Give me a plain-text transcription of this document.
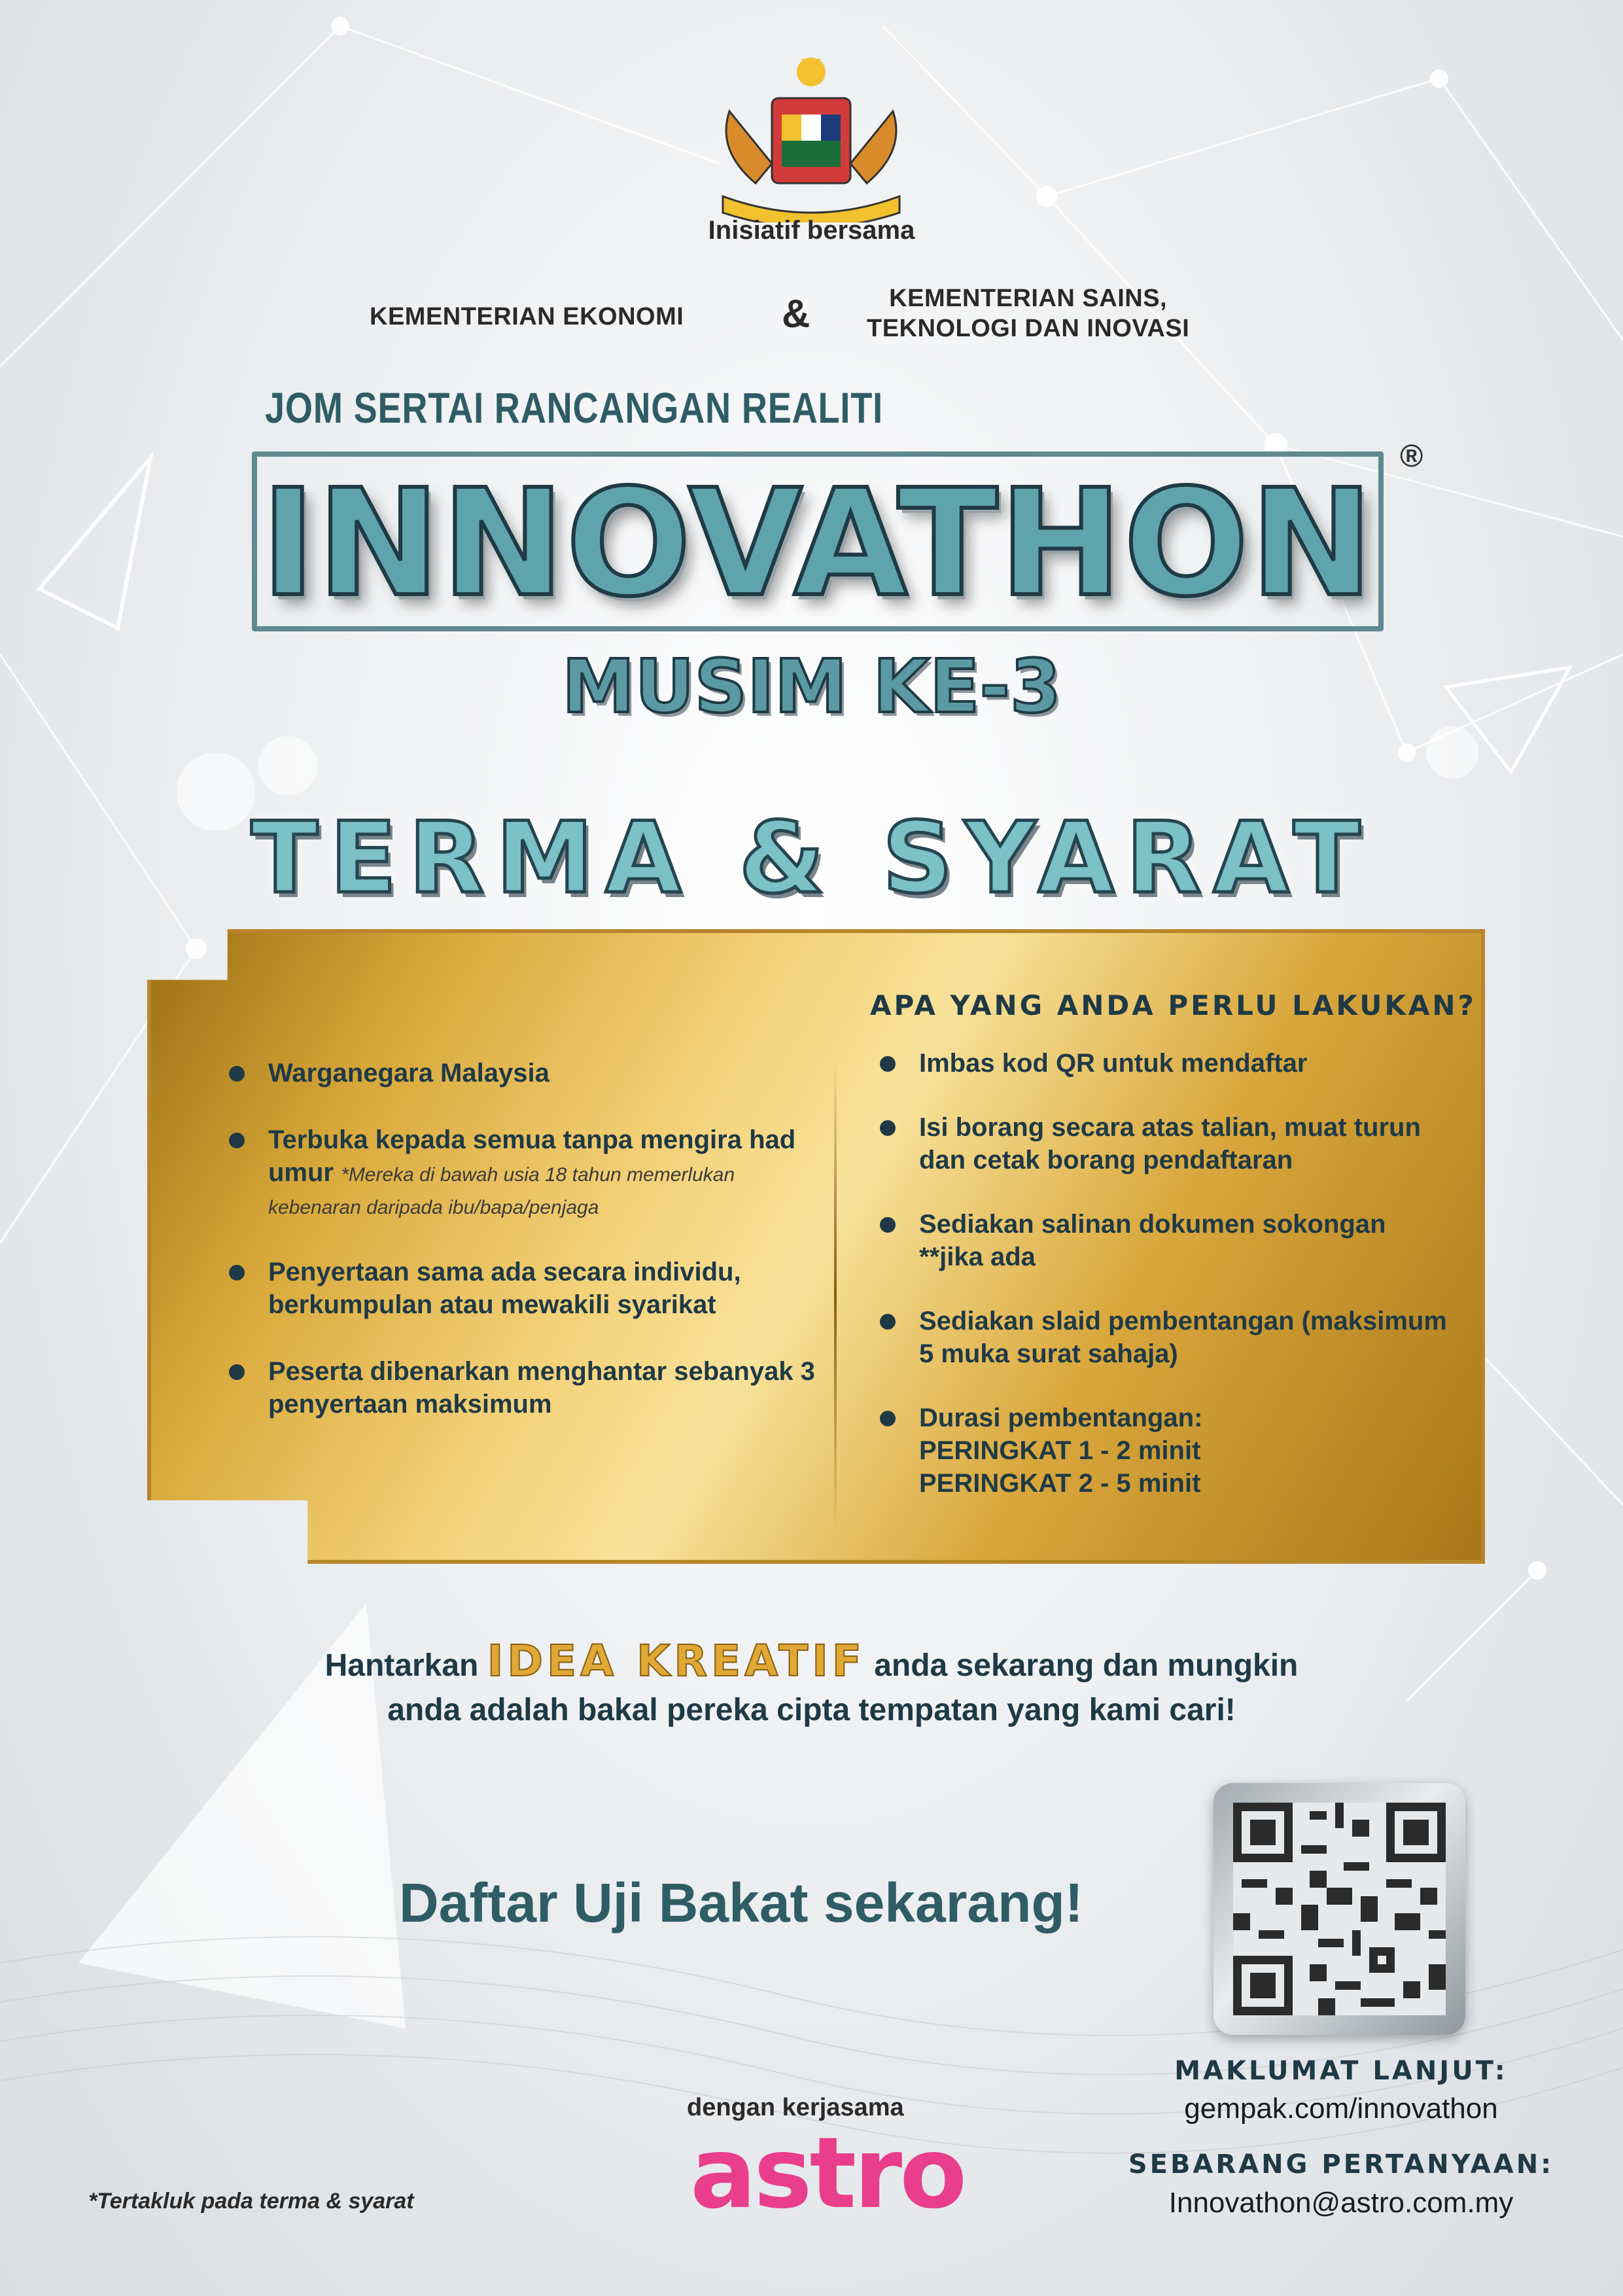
Inisiatif bersama
KEMENTERIAN EKONOMI &	KEMENTERIAN SAINS,
TEKNOLOGI DAN INOVASI
JOM SERTAI RANCANGAN REALITI
INNOVATHON
®
MUSIM KE-3
TERMA & SYARAT
Warganegara Malaysia
Terbuka kepada semua tanpa mengira had umur *Mereka di bawah usia 18 tahun memerlukan kebenaran daripada ibu/bapa/penjaga
Penyertaan sama ada secara individu, berkumpulan atau mewakili syarikat
Peserta dibenarkan menghantar sebanyak 3 penyertaan maksimum
APA YANG ANDA PERLU LAKUKAN?
Imbas kod QR untuk mendaftar
Isi borang secara atas talian, muat turun dan cetak borang pendaftaran
Sediakan salinan dokumen sokongan **jika ada
Sediakan slaid pembentangan (maksimum 5 muka surat sahaja)
Durasi pembentangan:
PERINGKAT 1 - 2 minit
PERINGKAT 2 - 5 minit
Hantarkan IDEA KREATIF anda sekarang dan mungkin
anda adalah bakal pereka cipta tempatan yang kami cari!
Daftar Uji Bakat sekarang!
MAKLUMAT LANJUT:
gempak.com/innovathon
SEBARANG PERTANYAAN:
Innovathon@astro.com.my
dengan kerjasama
astro
*Tertakluk pada terma & syarat
